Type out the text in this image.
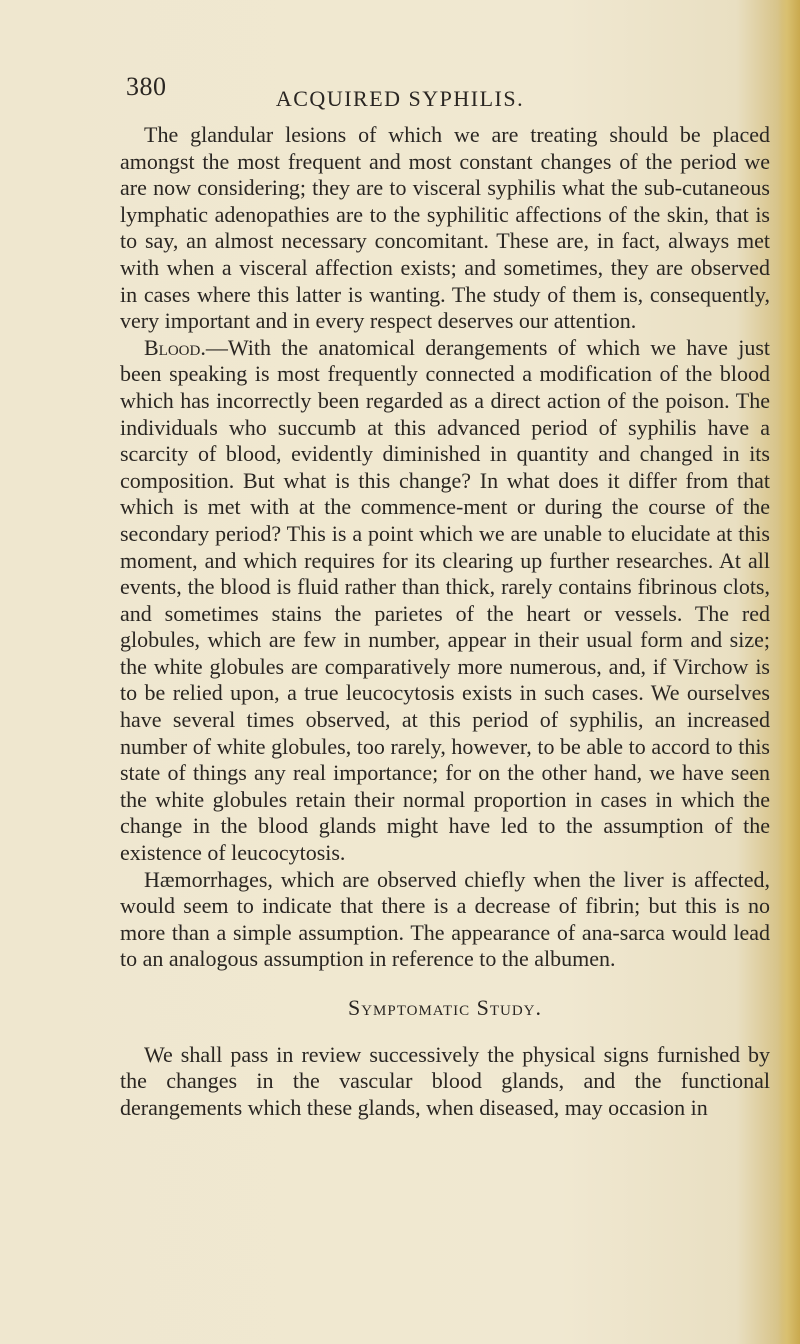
380	ACQUIRED SYPHILIS.

The glandular lesions of which we are treating should be placed amongst the most frequent and most constant changes of the period we are now considering; they are to visceral syphilis what the sub-cutaneous lymphatic adenopathies are to the syphilitic affections of the skin, that is to say, an almost necessary concomitant. These are, in fact, always met with when a visceral affection exists; and sometimes, they are observed in cases where this latter is wanting. The study of them is, consequently, very important and in every respect deserves our attention.

Blood.—With the anatomical derangements of which we have just been speaking is most frequently connected a modification of the blood which has incorrectly been regarded as a direct action of the poison. The individuals who succumb at this advanced period of syphilis have a scarcity of blood, evidently diminished in quantity and changed in its composition. But what is this change? In what does it differ from that which is met with at the commence-ment or during the course of the secondary period? This is a point which we are unable to elucidate at this moment, and which requires for its clearing up further researches. At all events, the blood is fluid rather than thick, rarely contains fibrinous clots, and sometimes stains the parietes of the heart or vessels. The red globules, which are few in number, appear in their usual form and size; the white globules are comparatively more numerous, and, if Virchow is to be relied upon, a true leucocytosis exists in such cases. We ourselves have several times observed, at this period of syphilis, an increased number of white globules, too rarely, however, to be able to accord to this state of things any real importance; for on the other hand, we have seen the white globules retain their normal proportion in cases in which the change in the blood glands might have led to the assumption of the existence of leucocytosis.

Hæmorrhages, which are observed chiefly when the liver is affected, would seem to indicate that there is a decrease of fibrin; but this is no more than a simple assumption. The appearance of ana-sarca would lead to an analogous assumption in reference to the albumen.

Symptomatic Study.

We shall pass in review successively the physical signs furnished by the changes in the vascular blood glands, and the functional derangements which these glands, when diseased, may occasion in
